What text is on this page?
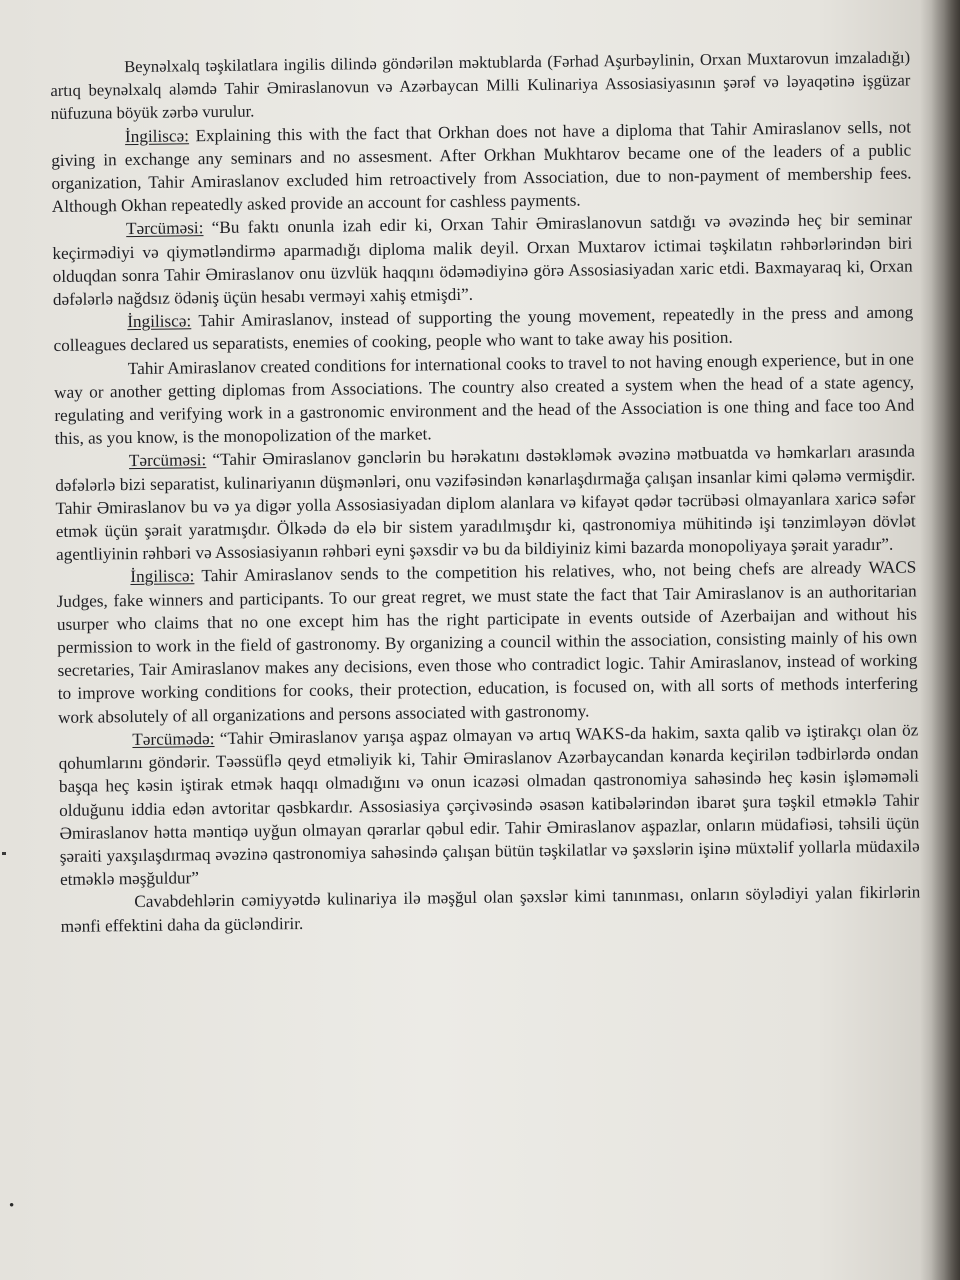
Beynəlxalq təşkilatlara ingilis dilində göndərilən məktublarda (Fərhad Aşurbəylinin, Orxan Muxtarovun imzaladığı) artıq beynəlxalq aləmdə Tahir Əmiraslanovun və Azərbaycan Milli Kulinariya Assosiasiyasının şərəf və ləyaqətinə işgüzar nüfuzuna böyük zərbə vurulur.

İngiliscə: Explaining this with the fact that Orkhan does not have a diploma that Tahir Amiraslanov sells, not giving in exchange any seminars and no assesment. After Orkhan Mukhtarov became one of the leaders of a public organization, Tahir Amiraslanov excluded him retroactively from Association, due to non-payment of membership fees. Although Okhan repeatedly asked provide an account for cashless payments.

Tərcüməsi: “Bu faktı onunla izah edir ki, Orxan Tahir Əmiraslanovun satdığı və əvəzində heç bir seminar keçirmədiyi və qiymətləndirmə aparmadığı diploma malik deyil. Orxan Muxtarov ictimai təşkilatın rəhbərlərindən biri olduqdan sonra Tahir Əmiraslanov onu üzvlük haqqını ödəmədiyinə görə Assosiasiyadan xaric etdi. Baxmayaraq ki, Orxan dəfələrlə nağdsız ödəniş üçün hesabı verməyi xahiş etmişdi”.

İngiliscə: Tahir Amiraslanov, instead of supporting the young movement, repeatedly in the press and among colleagues declared us separatists, enemies of cooking, people who want to take away his position.

Tahir Amiraslanov created conditions for international cooks to travel to not having enough experience, but in one way or another getting diplomas from Associations. The country also created a system when the head of a state agency, regulating and verifying work in a gastronomic environment and the head of the Association is one thing and face too And this, as you know, is the monopolization of the market.

Tərcüməsi: “Tahir Əmiraslanov gənclərin bu hərəkatını dəstəkləmək əvəzinə mətbuatda və həmkarları arasında dəfələrlə bizi separatist, kulinariyanın düşmənləri, onu vəzifəsindən kənarlaşdırmağa çalışan insanlar kimi qələmə vermişdir. Tahir Əmiraslanov bu və ya digər yolla Assosiasiyadan diplom alanlara və kifayət qədər təcrübəsi olmayanlara xaricə səfər etmək üçün şərait yaratmışdır. Ölkədə də elə bir sistem yaradılmışdır ki, qastronomiya mühitində işi tənzimləyən dövlət agentliyinin rəhbəri və Assosiasiyanın rəhbəri eyni şəxsdir və bu da bildiyiniz kimi bazarda monopoliyaya şərait yaradır”.

İngiliscə: Tahir Amiraslanov sends to the competition his relatives, who, not being chefs are already WACS Judges, fake winners and participants. To our great regret, we must state the fact that Tair Amiraslanov is an authoritarian usurper who claims that no one except him has the right participate in events outside of Azerbaijan and without his permission to work in the field of gastronomy. By organizing a council within the association, consisting mainly of his own secretaries, Tair Amiraslanov makes any decisions, even those who contradict logic. Tahir Amiraslanov, instead of working to improve working conditions for cooks, their protection, education, is focused on, with all sorts of methods interfering work absolutely of all organizations and persons associated with gastronomy.

Tərcümədə: “Tahir Əmiraslanov yarışa aşpaz olmayan və artıq WAKS-da hakim, saxta qalib və iştirakçı olan öz qohumlarını göndərir. Təəssüflə qeyd etməliyik ki, Tahir Əmiraslanov Azərbaycandan kənarda keçirilən tədbirlərdə ondan başqa heç kəsin iştirak etmək haqqı olmadığını və onun icazəsi olmadan qastronomiya sahəsində heç kəsin işləməməli olduğunu iddia edən avtoritar qəsbkardır. Assosiasiya çərçivəsində əsasən katibələrindən ibarət şura təşkil etməklə Tahir Əmiraslanov hətta məntiqə uyğun olmayan qərarlar qəbul edir. Tahir Əmiraslanov aşpazlar, onların müdafiəsi, təhsili üçün şəraiti yaxşılaşdırmaq əvəzinə qastronomiya sahəsində çalışan bütün təşkilatlar və şəxslərin işinə müxtəlif yollarla müdaxilə etməklə məşğuldur”

Cavabdehlərin cəmiyyətdə kulinariya ilə məşğul olan şəxslər kimi tanınması, onların söylədiyi yalan fikirlərin mənfi effektini daha da gücləndirir.

•
